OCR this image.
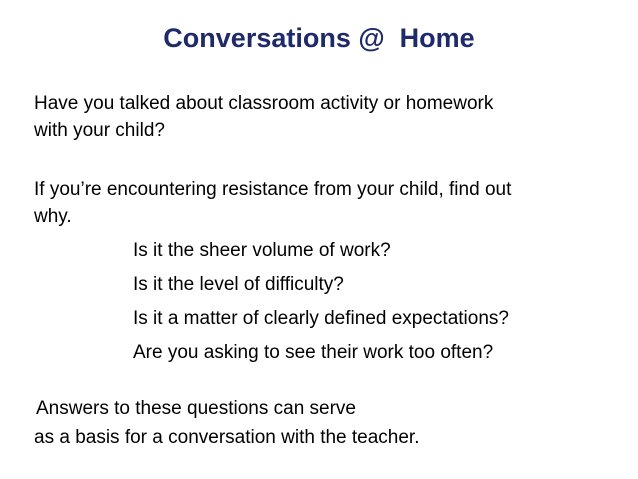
Conversations @  Home
Have you talked about classroom activity or homework
with your child?
If you’re encountering resistance from your child, find out
why.
Is it the sheer volume of work?
Is it the level of difficulty?
Is it a matter of clearly defined expectations?
Are you asking to see their work too often?
Answers to these questions can serve
as a basis for a conversation with the teacher.
